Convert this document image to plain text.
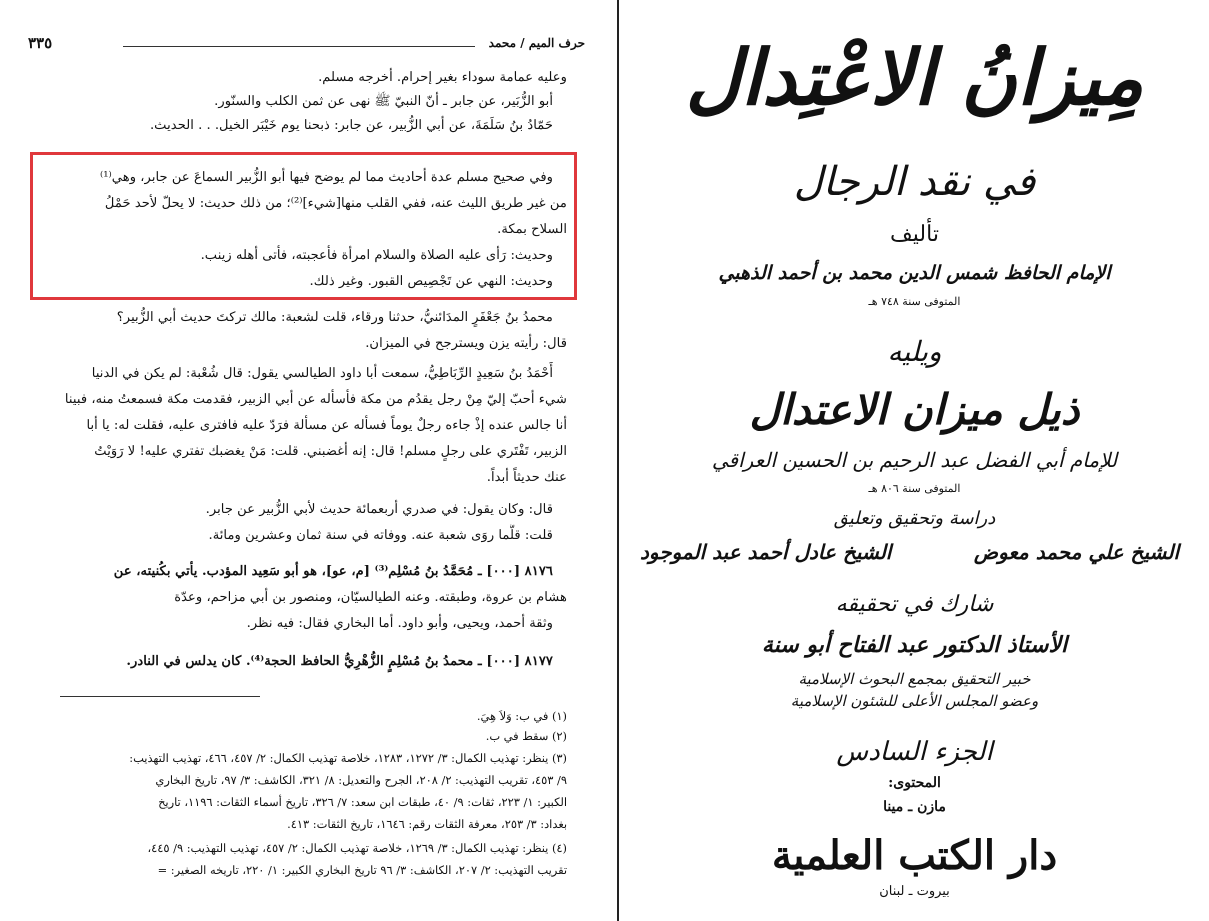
٣٣٥	حرف الميم / محمد
وعليه عمامة سوداء بغير إحرام. أخرجه مسلم.
أبو الزُّبَير، عن جابر ـ أنّ النبيّ ﷺ نهى عن ثمن الكلب والسنّور.
حَمّادُ بنُ سَلَمَةَ، عن أبي الزُّبير، عن جابر: ذبحنا يوم خَيْبَر الخيل. . . الحديث.
وفي صحيح مسلم عدة أحاديث مما لم يوضح فيها أبو الزُّبير السماعَ عن جابر، وهي⁽¹⁾
من غير طريق الليث عنه، ففي القلب منها[شيء]⁽²⁾؛ من ذلك حديث: لا يحلّ لأحد حَمْلُ
السلاح بمكة.
وحديث: رَأى عليه الصلاة والسلام امرأة فأعجبته، فأتى أهله زينب.
وحديث: النهي عن تَجْصِيص القبور. وغير ذلك.
محمدُ بنُ جَعْفَرٍ المدَائنيُّ، حدثنا ورقاء، قلت لشعبة: مالك تركتَ حديث أبي الزُّبير؟
قال: رأيته يزن ويسترجح في الميزان.
أَحْمَدُ بنُ سَعِيدٍ الرِّبَاطِيُّ، سمعت أبا داود الطيالسي يقول: قال شُعْبة: لم يكن في الدنيا
شيء أحبّ إليّ مِنْ رجل يقدُم من مكة فأسأله عن أبي الزبير، فقدمت مكة فسمعتُ منه، فبينا
أنا جالس عنده إذْ جاءه رجلٌ يوماً فسأله عن مسألة فرَدّ عليه فافترى عليه، فقلت له: يا أبا
الزبير، تَفْتَري على رجلٍ مسلم! قال: إنه أغضبني. قلت: مَنْ يغضبك تفتري عليه! لا رَوَيْتُ
عنك حديثاً أبداً.
قال: وكان يقول: في صدري أربعمائة حديث لأبي الزُّبير عن جابر.
قلت: قلَّما روَى شعبة عنه. ووفاته في سنة ثمان وعشرين ومائة.
٨١٧٦ [٠٠٠] ـ مُحَمَّدُ بنُ مُسْلِم⁽³⁾ [م، عو]، هو أبو سَعِيد المؤدب. يأتي بكُنيته، عن
هشام بن عروة، وطبقته. وعنه الطيالسيّان، ومنصور بن أبي مزاحم، وعدّة
وثقة أحمد، ويحيى، وأبو داود. أما البخاري فقال: فيه نظر.
٨١٧٧ [٠٠٠] ـ محمدُ بنُ مُسْلِمٍ الزُّهْرِيُّ الحافظ الحجة⁽⁴⁾. كان يدلس في النادر.
(١) في ب: وَلاَ هِيَ.
(٢) سقط في ب.
(٣) ينظر: تهذيب الكمال: ٣/ ١٢٧٢، ١٢٨٣، خلاصة تهذيب الكمال: ٢/ ٤٥٧، ٤٦٦، تهذيب التهذيب:
٩/ ٤٥٣، تقريب التهذيب: ٢/ ٢٠٨، الجرح والتعديل: ٨/ ٣٢١، الكاشف: ٣/ ٩٧، تاريخ البخاري
الكبير: ١/ ٢٢٣، ثقات: ٩/ ٤٠، طبقات ابن سعد: ٧/ ٣٢٦، تاريخ أسماء الثقات: ١١٩٦، تاريخ
بغداد: ٣/ ٢٥٣، معرفة الثقات رقم: ١٦٤٦، تاريخ الثقات: ٤١٣.
(٤) ينظر: تهذيب الكمال: ٣/ ١٢٦٩، خلاصة تهذيب الكمال: ٢/ ٤٥٧، تهذيب التهذيب: ٩/ ٤٤٥،
تقريب التهذيب: ٢/ ٢٠٧، الكاشف: ٣/ ٩٦ تاريخ البخاري الكبير: ١/ ٢٢٠، تاريخه الصغير: =
مِيزانُ الاعْتِدال
في نقد الرجال
تأليف
الإمام الحافظ شمس الدين محمد بن أحمد الذهبي
المتوفى سنة ٧٤٨ هـ
ويليه
ذيل ميزان الاعتدال
للإمام أبي الفضل عبد الرحيم بن الحسين العراقي
المتوفى سنة ٨٠٦ هـ
دراسة وتحقيق وتعليق
الشيخ علي محمد معوض
الشيخ عادل أحمد عبد الموجود
شارك في تحقيقه
الأستاذ الدكتور عبد الفتاح أبو سنة
خبير التحقيق بمجمع البحوث الإسلامية
وعضو المجلس الأعلى للشئون الإسلامية
الجزء السادس
المحتوى:
مازن ـ مينا
دار الكتب العلمية
بيروت ـ لبنان
